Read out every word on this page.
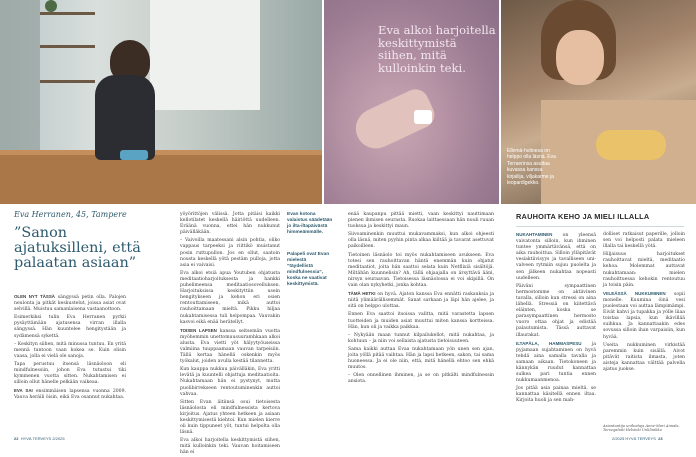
Eva alkoi harjoitella keskittymistä siihen, mitä kulloinkin teki.
Ellemä-hoitoesa on helppo olla läsnä. Eva Terraerinsa asuttaa kuvassa kanssa kirjailija, viljakarme ja leopardigekko.
Eva Herranen, 45, Tampere
”Sanon ajatuksilleni, että palaatan asiaan”

OLEN NYT TÄSSÄ sängyssä petin olla. Palojen neulonta ja pitkät keskustelut, joissa asiat ovat selvillä. Muistuu samanlaisena vastaanottoon.

Esimerkiksi tulin Eva Herranen pyrkii pysäyttämään ajatusensa virran illalla sängyssä. Hän kuuntelee hengitystään ja sydämensä sykettä.

– Keskityn siihen, mitä minussa tuntuu. En yritä mennä tuntoon vaan kokea se. Kuin olisin vaasa, jolla ei vielä ole sanoja.

Tapa perustuu itsensä läsnäoloon eli mindfulnessiin, johon Eva tutustui tiki kymmenen vuotta sitten. Nukahtamisen ei silloin ollut hänelle pelkään vaikeaa.

EVA SAI ensimmäisen lapsensa vuonna 2009. Vauva heräili öisin, eikä Eva osannut nukahtaa.

yöyörittöjen välissä. Jotta pitäisi kaikki kellotilatet keskellä häiriöttä uudelleen. Eräänä vuonna, ettei hän nukkunut päivälläkään.

– Vaivoilla maatessani alsin pohtia, oliko vappaus tarpeeksi ja riittikö muistanut posin ruttupullon. Jos en ollut, saatoin nousta keskellä yötä pestäm pulloja, jotta asia ei vaivaisi.

Eva alkoi etsiä apua Youtuben ohjatusta meditaatioharjoituksesta ja hankki puhelimeensa meditaatiosovelluksen. Harjoituksissa keskityttiin usein hengitykseen ja kehon eri osien rentouttamiseen, mikä auttoi rauhoittamaan mieltä. Pikku hiljaa nukahtamisessa tuli helpompaa. Vauvakin kasvoi eikä enää herätellyt.

TOISEN LAPSEN kanssa seitsemän vuotta myöhemmin unettomuusuuramhkaan alkoi alusta. Eva vietti yöt hälyytyöuseissa valmiina tuuppaamaan vauvan tarpeisiin. Tällä kertaa hänellä oskenkin myös työkalut, joiden avulla kestää tilannetta.

Kun kauppa nukkuu päivälläkin, Eva yritti levätä ja kuuntelli ohjattuja meditaatioita. Nukahtamaan hän ei pystynyt, mutta puolibirrekseen rentoutuminenkin auttoi vahvaa.

Sitten Evan äitiinsä osui tietoisesta läsnäolosta eli mindfulnessista kertova kirjoitus. Ajatus yhteen hetkeen ja asiaan keskittymisestä kiehtoi. Kun mielen kierre oli kuin tippuneet yöt, tuntui helpolta olla läsnä.

Eva alkoi harjoitella keskittymistä siihen, mitä kulloinkin teki. Vauvan hoitamiseen hän ei

Evan kotona valaistus säädetään jo ilta-iltapäivästä himmeämmälle.
Palapeli ovat Evan mielestä ”täydellistä mindfulnessia”, koska ne vaativat keskittymistä.

enää kaupanpu pittää mietti, vaan keskittyi nauttimaan pienen ihmisen seurasta. Ruokaa laittaessaan hän nuuli ruuan tuoksua ja keskittyi maun.

Siivoaminenkin muuttui mukavammaksi, kun alkoi ohjeesti olla läsnä, miten pyyhin pinta alkaa kiiltää ja tavarat asettuvat paikoilleen.

Tietoinen läsnäolo toi myös nukahtamiseen avukseen. Eva totesi sen rauhoittavan häntä enemmän kuin ohjatut meditaatiot, joita hän saattoi selata kuin Netflixiä sisältöjä. Miltähän kuunnelisin? Ah, tällä ohjaajalla on ärsyttävä ääni, nirsyn seuraavan. Tietoisessa läsnäolossa ei voi skipillä. On vain olan nykyhetki, jonka kohtaa.

TÄMÄ HETKI on hyvä. Ajaton kanssa Eva ennätti raskauksia ja niitä ylimäärällisemmät. Sanat sarkaan ja läpi hän ajelee, ja sitä on helppo ulottaa.

Ennen Eva saattoi itsoissa valitta, mitä varastetta lapsen tuotteiden ja muiden asiat muuttui miten kanssa kortteissa. Hän, kun oli ja vaikka paikkaa.

– Nykyään maan tunnut kilpailukellot, mitä nukahtaa, ja kohtuun – ja niin voi sellaista ajatusta tietoisuuteen.

Sama kaikki auttaa Evaa nukahtamaan yön unen sen ajan, joita yöllä pitää vaihtaa. Hän ja lapsi hetkeen, sakon, tai sama huoneessa. Ja ei ole niin, että, mitä hänellä ehtoo sen ehkä muutos.

– Olen onnellinen ihminen, ja se on pitkälti mindfulnessin ansiota.

RAUHOITA KEHO JA MIELI ILLALLA

NUKAHTAMINEN on yleensä vaivatonta silloin, kun ihminen tuntee ymmärtävänsä, että on aika rauhoittua. Silloin ylläpitävät vesiaktiivisyys ja tavalliseen uni-valveen rytmiin sujuu puolelta ja sen jälkeen nukahtaa nopeasti uudelleen.

Päiväni sympaattinen hermostomme on aktiivinen tavalla, silloin kun stressi on aina lähellä. Stressiä on kiitettävä eläinten, koska se parasympaattinen hermosto vuoro ottaa ohjat ja edistää palautumista. Tässä auttavat illaurakat.

ILTAPÄLA, HAMMASPESU ja pyjamaan sujahtaminen on hyvä tehdä aina samalla tavalla ja samaan aikaan. Tietokoneen ja kännykän ruudut kannattaa sulkea pari tuntia ennen nukkumaanmenoa.

Jos pitää asia painaa mieltä, se kannattaa käsitellä ennen iltaa. Kirjoita huoli ja sen mah-

dolliset ratkaisut paperille, jolloin sen voi helposti palata mieleen illalla tai keskellä yötä.

Hiljaisuus harjoitukset rauhoittavat mieltä, meditaatio kehoa. Molemmat auttavat nukahtamaan: mielen rauhoittuessa kehokin rentoutuu ja toisin päin.

VIILEÄSSÄ NUKKUMINEN sopii monelle. Kuumina öinä vesi puolestaan voi auttaa lämpimämpi. Eivät kahvi ja tupakka ja yölle liiaa toistaa lapsia, kun ikävillää suihkua. Ja kannattaakin edes sovussa silloin ihan varpaisiin, kun hyvää.

Useita nukkuminen virkistää paremmin kuin sisällä. Aivot pitävät raitista ilmasta, joten aisteja kannattaa välttää palvella ajatus juokse.

Asiantuntija unihoitaja Anne-Mari Annala, Tervegalaiti Helsinki Unklinikka
22 HYVÄ TERVEYS 2/2025	2/2025 HYVÄ TERVEYS 23
